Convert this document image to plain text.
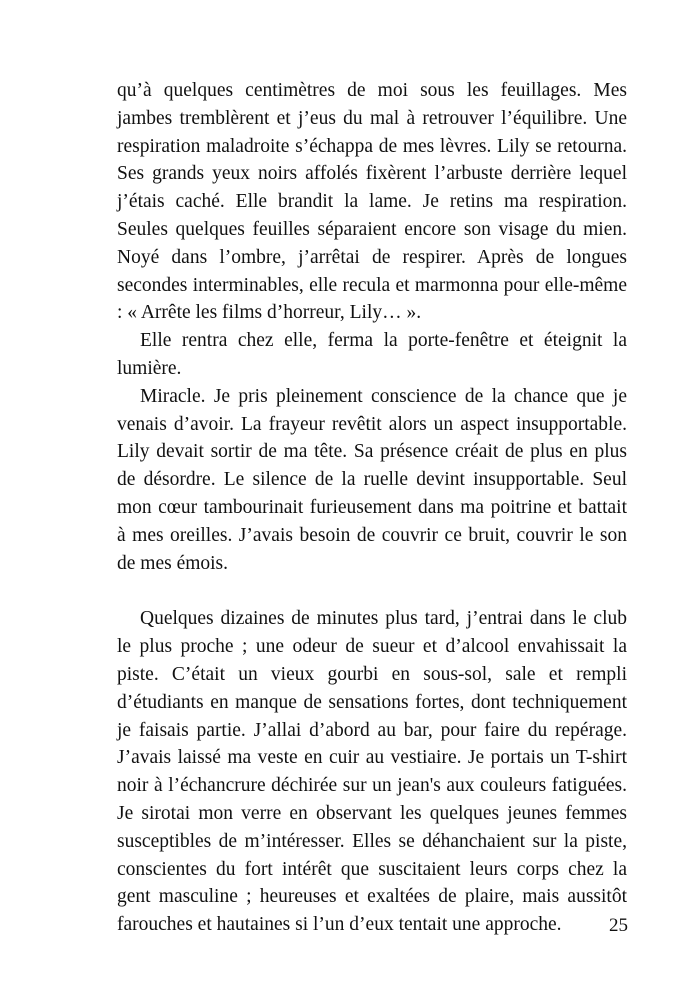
qu’à quelques centimètres de moi sous les feuillages. Mes jambes tremblèrent et j’eus du mal à retrouver l’équilibre. Une respiration maladroite s’échappa de mes lèvres. Lily se retourna. Ses grands yeux noirs affolés fixèrent l’arbuste derrière lequel j’étais caché. Elle brandit la lame. Je retins ma respiration. Seules quelques feuilles séparaient encore son visage du mien. Noyé dans l’ombre, j’arrêtai de respirer. Après de longues secondes interminables, elle recula et marmonna pour elle-même : « Arrête les films d’horreur, Lily… ».

Elle rentra chez elle, ferma la porte-fenêtre et éteignit la lumière.

Miracle. Je pris pleinement conscience de la chance que je venais d’avoir. La frayeur revêtit alors un aspect insupportable. Lily devait sortir de ma tête. Sa présence créait de plus en plus de désordre. Le silence de la ruelle devint insupportable. Seul mon cœur tambourinait furieusement dans ma poitrine et battait à mes oreilles. J’avais besoin de couvrir ce bruit, couvrir le son de mes émois.

Quelques dizaines de minutes plus tard, j’entrai dans le club le plus proche ; une odeur de sueur et d’alcool envahissait la piste. C’était un vieux gourbi en sous-sol, sale et rempli d’étudiants en manque de sensations fortes, dont techniquement je faisais partie. J’allai d’abord au bar, pour faire du repérage. J’avais laissé ma veste en cuir au vestiaire. Je portais un T-shirt noir à l’échancrure déchirée sur un jean's aux couleurs fatiguées. Je sirotai mon verre en observant les quelques jeunes femmes susceptibles de m’intéresser. Elles se déhanchaient sur la piste, conscientes du fort intérêt que suscitaient leurs corps chez la gent masculine ; heureuses et exaltées de plaire, mais aussitôt farouches et hautaines si l’un d’eux tentait une approche.	25
